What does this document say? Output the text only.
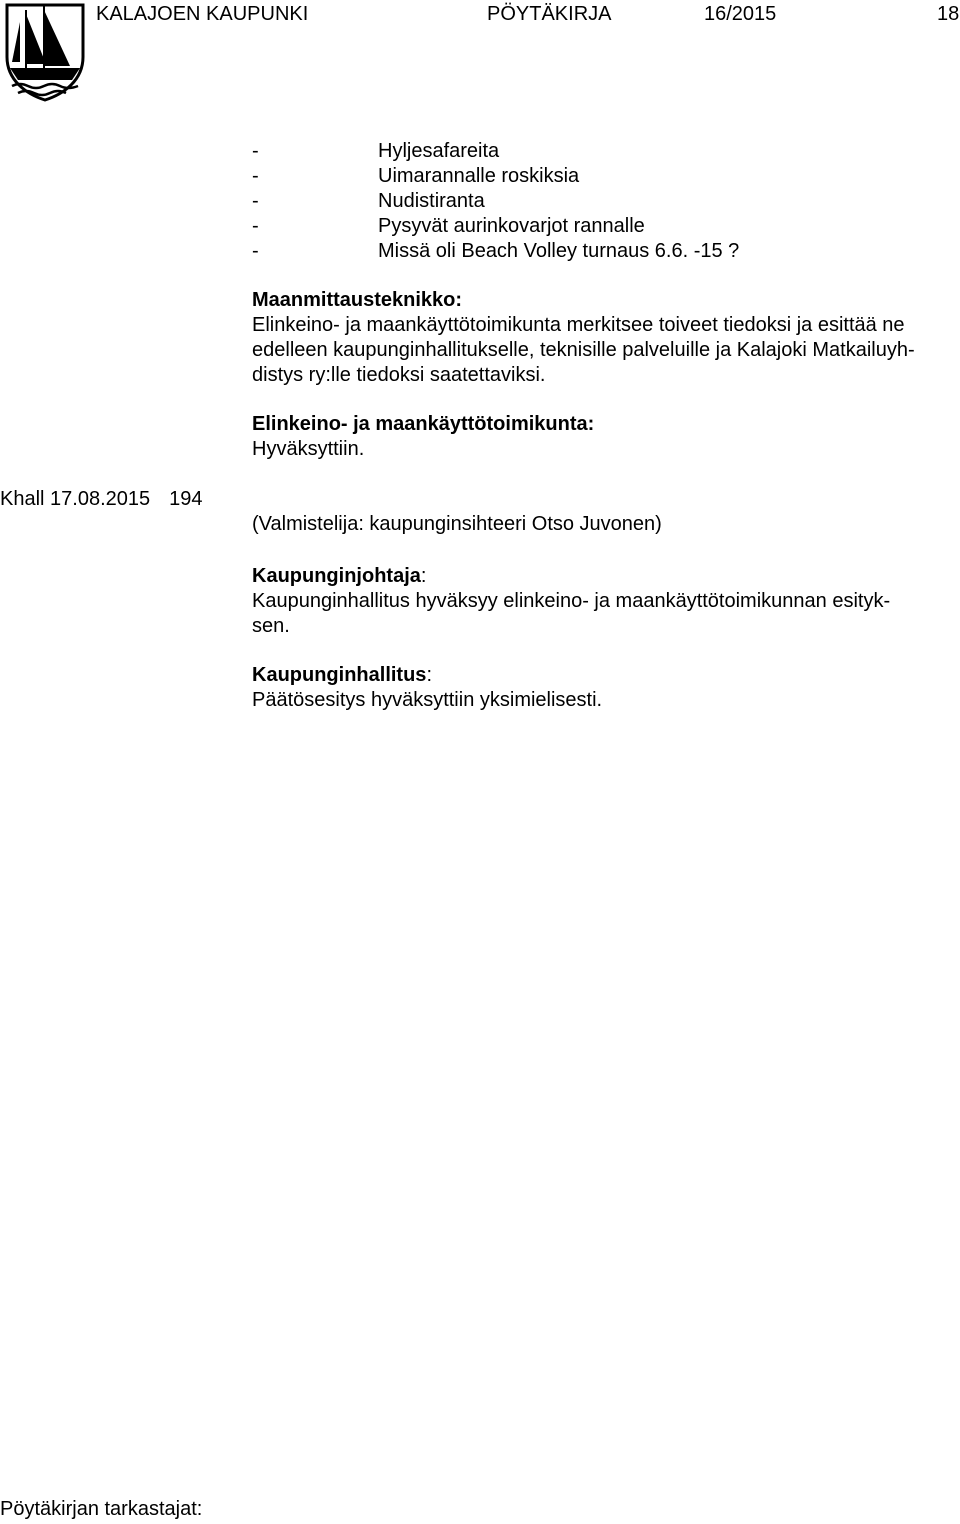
KALAJOEN KAUPUNKI	PÖYTÄKIRJA	16/2015	18
-	Hyljesafareita
-	Uimarannalle roskiksia
-	Nudistiranta
-	Pysyvät aurinkovarjot rannalle
-	Missä oli Beach Volley turnaus 6.6. -15 ?
Maanmittausteknikko:
Elinkeino- ja maankäyttötoimikunta merkitsee toiveet tiedoksi ja esittää ne
edelleen kaupunginhallitukselle, teknisille palveluille ja Kalajoki Matkailuyh-
distys ry:lle tiedoksi saatettaviksi.
Elinkeino- ja maankäyttötoimikunta:
Hyväksyttiin.
Khall 17.08.2015 194
(Valmistelija: kaupunginsihteeri Otso Juvonen)
Kaupunginjohtaja:
Kaupunginhallitus hyväksyy elinkeino- ja maankäyttötoimikunnan esityk-
sen.
Kaupunginhallitus:
Päätösesitys hyväksyttiin yksimielisesti.
Pöytäkirjan tarkastajat:
